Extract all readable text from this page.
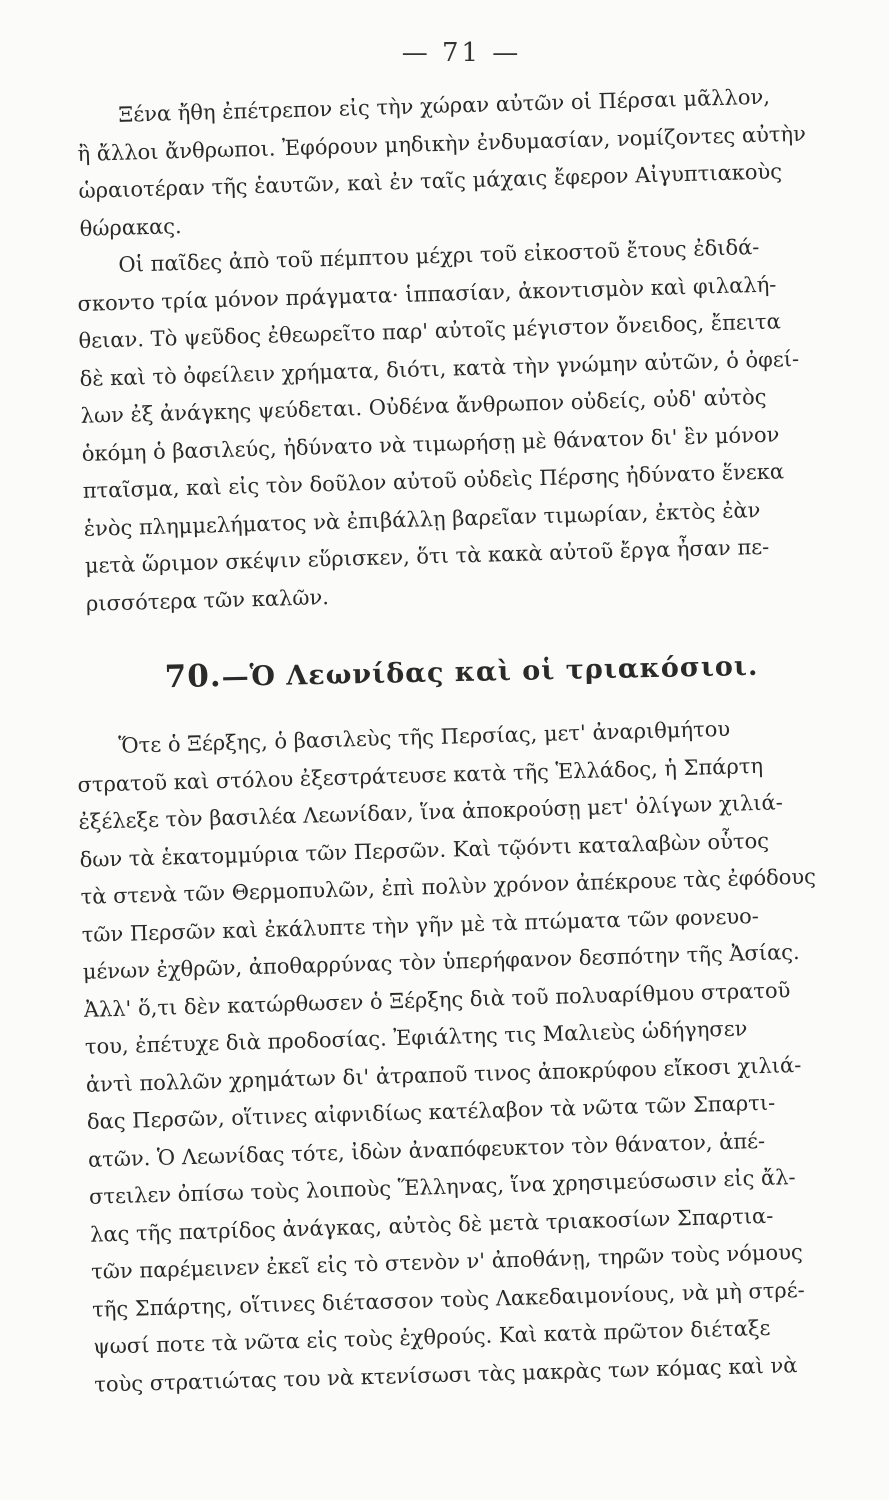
— 71 —
Ξένα ἤθη ἐπέτρεπον εἰς τὴν χώραν αὐτῶν οἱ Πέρσαι μᾶλλον,
ἢ ἄλλοι ἄνθρωποι. Ἐφόρουν μηδικὴν ἐνδυμασίαν, νομίζοντες αὐτὴν
ὡραιοτέραν τῆς ἑαυτῶν, καὶ ἐν ταῖς μάχαις ἔφερον Αἰγυπτιακοὺς
θώρακας.
Οἱ παῖδες ἀπὸ τοῦ πέμπτου μέχρι τοῦ εἰκοστοῦ ἔτους ἐδιδά-
σκοντο τρία μόνον πράγματα· ἱππασίαν, ἀκοντισμὸν καὶ φιλαλή-
θειαν. Τὸ ψεῦδος ἐθεωρεῖτο παρ' αὐτοῖς μέγιστον ὄνειδος, ἔπειτα
δὲ καὶ τὸ ὀφείλειν χρήματα, διότι, κατὰ τὴν γνώμην αὐτῶν, ὁ ὀφεί-
λων ἐξ ἀνάγκης ψεύδεται. Οὐδένα ἄνθρωπον οὐδείς, οὐδ' αὐτὸς
ὁκόμη ὁ βασιλεύς, ἠδύνατο νὰ τιμωρήσῃ μὲ θάνατον δι' ἓν μόνον
πταῖσμα, καὶ εἰς τὸν δοῦλον αὐτοῦ οὐδεὶς Πέρσης ἠδύνατο ἕνεκα
ἑνὸς πλημμελήματος νὰ ἐπιβάλλῃ βαρεῖαν τιμωρίαν, ἐκτὸς ἐὰν
μετὰ ὥριμον σκέψιν εὕρισκεν, ὅτι τὰ κακὰ αὐτοῦ ἔργα ἦσαν πε-
ρισσότερα τῶν καλῶν.
70.—Ὁ Λεωνίδας καὶ οἱ τριακόσιοι.
Ὅτε ὁ Ξέρξης, ὁ βασιλεὺς τῆς Περσίας, μετ' ἀναριθμήτου
στρατοῦ καὶ στόλου ἐξεστράτευσε κατὰ τῆς Ἑλλάδος, ἡ Σπάρτη
ἐξέλεξε τὸν βασιλέα Λεωνίδαν, ἵνα ἀποκρούσῃ μετ' ὀλίγων χιλιά-
δων τὰ ἑκατομμύρια τῶν Περσῶν. Καὶ τῷόντι καταλαβὼν οὗτος
τὰ στενὰ τῶν Θερμοπυλῶν, ἐπὶ πολὺν χρόνον ἀπέκρουε τὰς ἐφόδους
τῶν Περσῶν καὶ ἐκάλυπτε τὴν γῆν μὲ τὰ πτώματα τῶν φονευο-
μένων ἐχθρῶν, ἀποθαρρύνας τὸν ὑπερήφανον δεσπότην τῆς Ἀσίας.
Ἀλλ' ὅ,τι δὲν κατώρθωσεν ὁ Ξέρξης διὰ τοῦ πολυαρίθμου στρατοῦ
του, ἐπέτυχε διὰ προδοσίας. Ἐφιάλτης τις Μαλιεὺς ὡδήγησεν
ἀντὶ πολλῶν χρημάτων δι' ἀτραποῦ τινος ἀποκρύφου εἴκοσι χιλιά-
δας Περσῶν, οἵτινες αἰφνιδίως κατέλαβον τὰ νῶτα τῶν Σπαρτι-
ατῶν. Ὁ Λεωνίδας τότε, ἰδὼν ἀναπόφευκτον τὸν θάνατον, ἀπέ-
στειλεν ὀπίσω τοὺς λοιποὺς Ἕλληνας, ἵνα χρησιμεύσωσιν εἰς ἄλ-
λας τῆς πατρίδος ἀνάγκας, αὐτὸς δὲ μετὰ τριακοσίων Σπαρτια-
τῶν παρέμεινεν ἐκεῖ εἰς τὸ στενὸν ν' ἀποθάνῃ, τηρῶν τοὺς νόμους
τῆς Σπάρτης, οἵτινες διέτασσον τοὺς Λακεδαιμονίους, νὰ μὴ στρέ-
ψωσί ποτε τὰ νῶτα εἰς τοὺς ἐχθρούς. Καὶ κατὰ πρῶτον διέταξε
τοὺς στρατιώτας του νὰ κτενίσωσι τὰς μακρὰς των κόμας καὶ νὰ
